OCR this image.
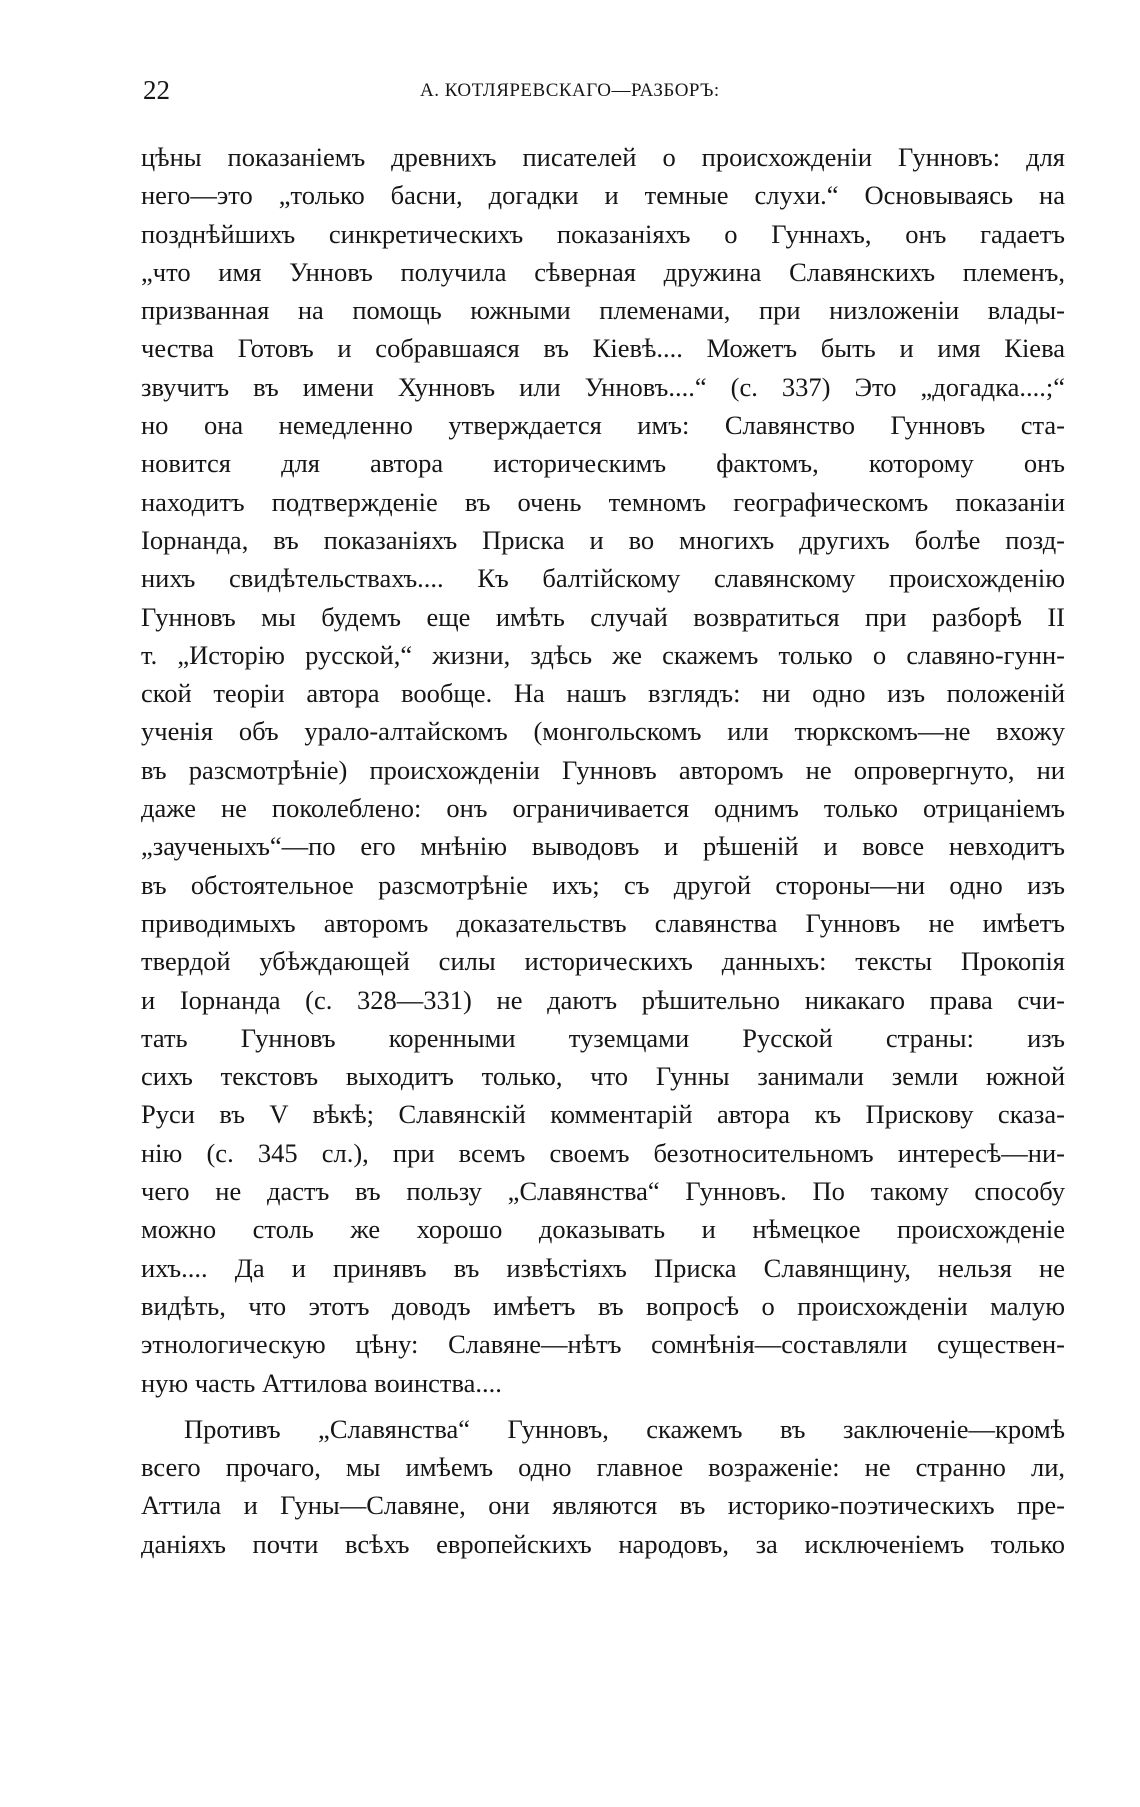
22	А. КОТЛЯРЕВСКАГО—РАЗБОРЪ:
цѣны показаніемъ древнихъ писателей о происхожденіи Гунновъ: для
него—это „только басни, догадки и темные слухи.“ Основываясь на
позднѣйшихъ синкретическихъ показаніяхъ о Гуннахъ, онъ гадаетъ
„что имя Унновъ получила сѣверная дружина Славянскихъ племенъ,
призванная на помощь южными племенами, при низложеніи влады-
чества Готовъ и собравшаяся въ Кіевѣ.... Можетъ быть и имя Кіева
звучитъ въ имени Хунновъ или Унновъ....“ (с. 337) Это „догадка....;“
но она немедленно утверждается имъ: Славянство Гунновъ ста-
новится для автора историческимъ фактомъ, которому онъ
находитъ подтвержденіе въ очень темномъ географическомъ показаніи
Іорнанда, въ показаніяхъ Приска и во многихъ другихъ болѣе позд-
нихъ свидѣтельствахъ.... Къ балтійскому славянскому происхожденію
Гунновъ мы будемъ еще имѣть случай возвратиться при разборѣ II
т. „Исторію русской,“ жизни, здѣсь же скажемъ только о славяно-гунн-
ской теоріи автора вообще. На нашъ взглядъ: ни одно изъ положеній
ученія объ урало-алтайскомъ (монгольскомъ или тюркскомъ—не вхожу
въ разсмотрѣніе) происхожденіи Гунновъ авторомъ не опровергнуто, ни
даже не поколеблено: онъ ограничивается однимъ только отрицаніемъ
„заученыхъ“—по его мнѣнію выводовъ и рѣшеній и вовсе невходитъ
въ обстоятельное разсмотрѣніе ихъ; съ другой стороны—ни одно изъ
приводимыхъ авторомъ доказательствъ славянства Гунновъ не имѣетъ
твердой убѣждающей силы историческихъ данныхъ: тексты Прокопія
и Іорнанда (с. 328—331) не даютъ рѣшительно никакаго права счи-
тать Гунновъ коренными туземцами Русской страны: изъ
сихъ текстовъ выходитъ только, что Гунны занимали земли южной
Руси въ V вѣкѣ; Славянскій комментарій автора къ Прискову сказа-
нію (с. 345 сл.), при всемъ своемъ безотносительномъ интересѣ—ни-
чего не дастъ въ пользу „Славянства“ Гунновъ. По такому способу
можно столь же хорошо доказывать и нѣмецкое происхожденіе
ихъ.... Да и принявъ въ извѣстіяхъ Приска Славянщину, нельзя не
видѣть, что этотъ доводъ имѣетъ въ вопросѣ о происхожденіи малую
этнологическую цѣну: Славяне—нѣтъ сомнѣнія—составляли существен-
ную часть Аттилова воинства....
Противъ „Славянства“ Гунновъ, скажемъ въ заключеніе—кромѣ
всего прочаго, мы имѣемъ одно главное возраженіе: не странно ли,
Аттила и Гуны—Славяне, они являются въ историко-поэтическихъ пре-
даніяхъ почти всѣхъ европейскихъ народовъ, за исключеніемъ только
